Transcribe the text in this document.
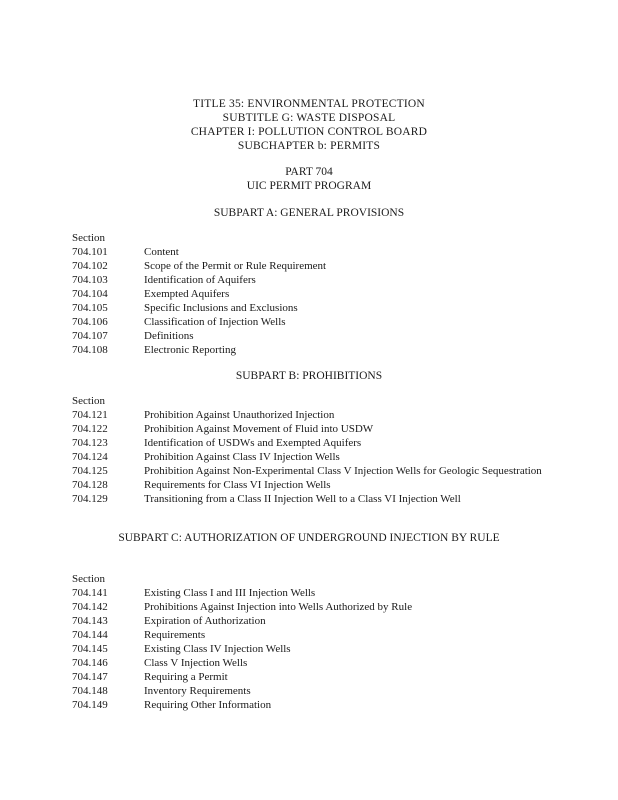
TITLE 35: ENVIRONMENTAL PROTECTION
SUBTITLE G: WASTE DISPOSAL
CHAPTER I: POLLUTION CONTROL BOARD
SUBCHAPTER b: PERMITS
PART 704
UIC PERMIT PROGRAM
SUBPART A: GENERAL PROVISIONS
Section
704.101	Content
704.102	Scope of the Permit or Rule Requirement
704.103	Identification of Aquifers
704.104	Exempted Aquifers
704.105	Specific Inclusions and Exclusions
704.106	Classification of Injection Wells
704.107	Definitions
704.108	Electronic Reporting
SUBPART B: PROHIBITIONS
Section
704.121	Prohibition Against Unauthorized Injection
704.122	Prohibition Against Movement of Fluid into USDW
704.123	Identification of USDWs and Exempted Aquifers
704.124	Prohibition Against Class IV Injection Wells
704.125	Prohibition Against Non-Experimental Class V Injection Wells for Geologic Sequestration
704.128	Requirements for Class VI Injection Wells
704.129	Transitioning from a Class II Injection Well to a Class VI Injection Well
SUBPART C: AUTHORIZATION OF UNDERGROUND INJECTION BY RULE
Section
704.141	Existing Class I and III Injection Wells
704.142	Prohibitions Against Injection into Wells Authorized by Rule
704.143	Expiration of Authorization
704.144	Requirements
704.145	Existing Class IV Injection Wells
704.146	Class V Injection Wells
704.147	Requiring a Permit
704.148	Inventory Requirements
704.149	Requiring Other Information
